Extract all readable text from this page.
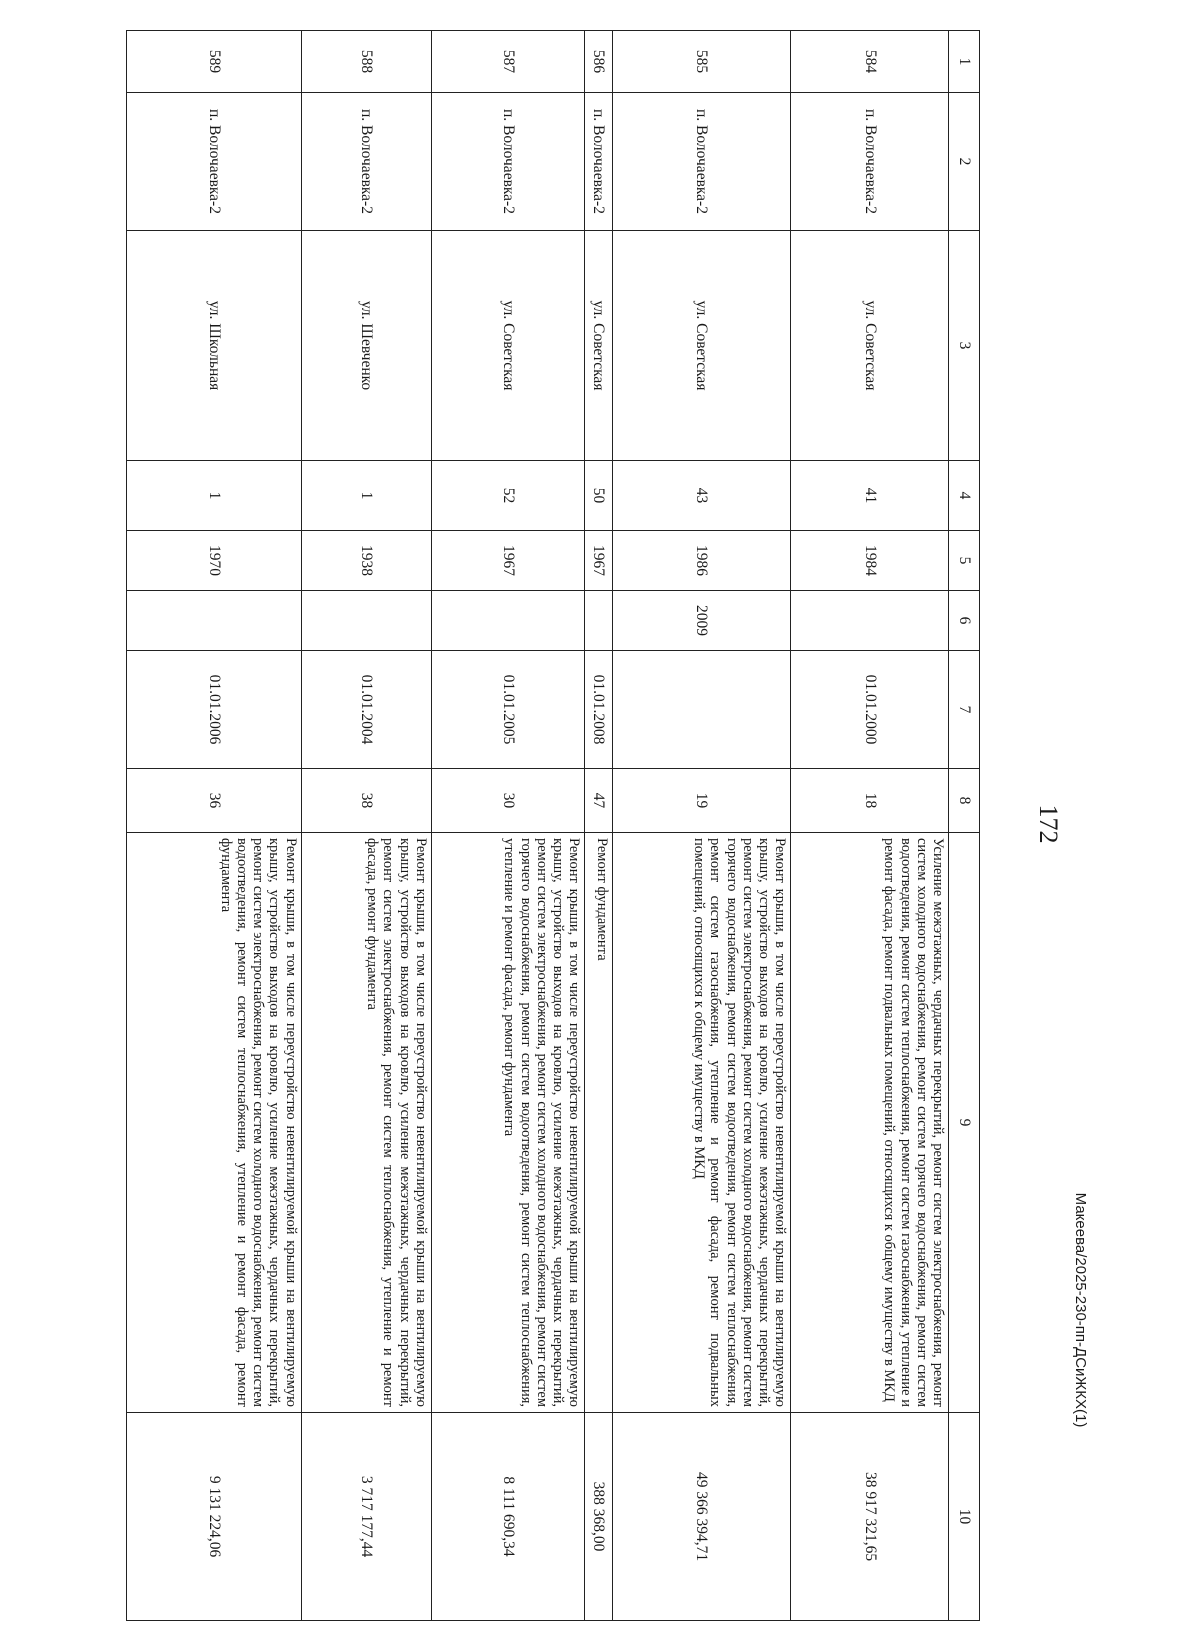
172
1	2	3	4	5	6	7	8	9	10
584	п. Волочаевка-2	ул. Советская	41	1984		01.01.2000	18	Усиление межэтажных, чердачных перекрытий, ремонт систем электроснабжения, ремонт систем холодного водоснабжения, ремонт систем горячего водоснабжения, ремонт систем водоотведения, ремонт систем теплоснабжения, ремонт систем газоснабжения, утепление и ремонт фасада, ремонт подвальных помещений, относящихся к общему имуществу в МКД	38 917 321,65
585	п. Волочаевка-2	ул. Советская	43	1986	2009		19	Ремонт крыши, в том числе переустройство невентилируемой крыши на вентилируемую крышу, устройство выходов на кровлю, усиление межэтажных, чердачных перекрытий, ремонт систем электроснабжения, ремонт систем холодного водоснабжения, ремонт систем горячего водоснабжения, ремонт систем водоотведения, ремонт систем теплоснабжения, ремонт систем газоснабжения, утепление и ремонт фасада, ремонт подвальных помещений, относящихся к общему имуществу в МКД	49 366 394,71
586	п. Волочаевка-2	ул. Советская	50	1967		01.01.2008	47	Ремонт фундамента	388 368,00
587	п. Волочаевка-2	ул. Советская	52	1967		01.01.2005	30	Ремонт крыши, в том числе переустройство невентилируемой крыши на вентилируемую крышу, устройство выходов на кровлю, усиление межэтажных, чердачных перекрытий, ремонт систем электроснабжения, ремонт систем холодного водоснабжения, ремонт систем горячего водоснабжения, ремонт систем водоотведения, ремонт систем теплоснабжения, утепление и ремонт фасада, ремонт фундамента	8 111 690,34
588	п. Волочаевка-2	ул. Шевченко	1	1938		01.01.2004	38	Ремонт крыши, в том числе переустройство невентилируемой крыши на вентилируемую крышу, устройство выходов на кровлю, усиление межэтажных, чердачных перекрытий, ремонт систем электроснабжения, ремонт систем теплоснабжения, утепление и ремонт фасада, ремонт фундамента	3 717 177,44
589	п. Волочаевка-2	ул. Школьная	1	1970		01.01.2006	36	Ремонт крыши, в том числе переустройство невентилируемой крыши на вентилируемую крышу, устройство выходов на кровлю, усиление межэтажных, чердачных перекрытий, ремонт систем электроснабжения, ремонт систем холодного водоснабжения, ремонт систем водоотведения, ремонт систем теплоснабжения, утепление и ремонт фасада, ремонт фундамента	9 131 224,06
Макеева/2025-230-пп-ДСиЖКХ(1)
